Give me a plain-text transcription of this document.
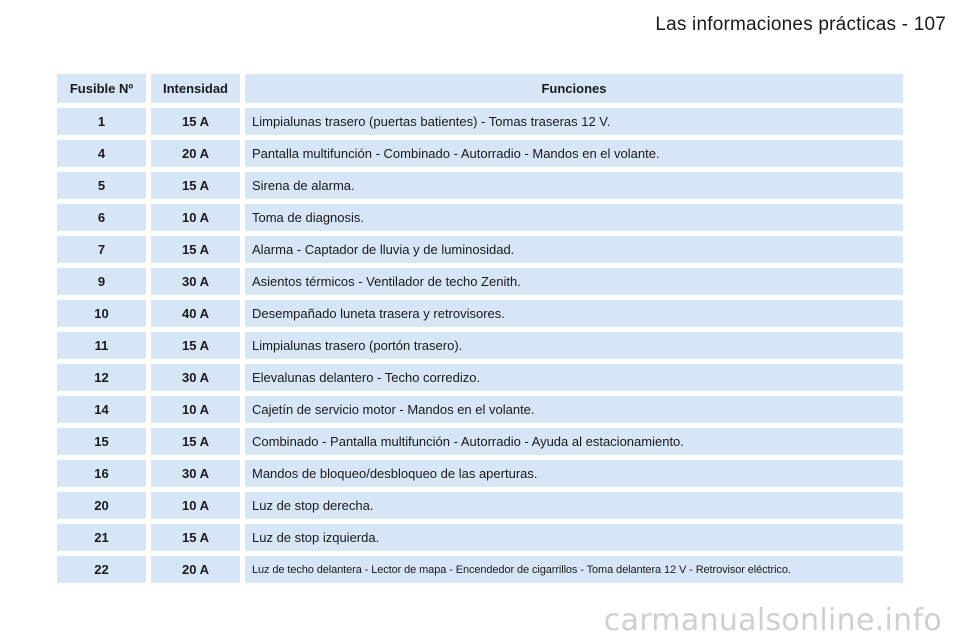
Las informaciones prácticas - 107
Fusible Nº		Intensidad		Funciones
1		15 A		Limpialunas trasero (puertas batientes) - Tomas traseras 12 V.
4		20 A		Pantalla multifunción - Combinado - Autorradio - Mandos en el volante.
5		15 A		Sirena de alarma.
6		10 A		Toma de diagnosis.
7		15 A		Alarma - Captador de lluvia y de luminosidad.
9		30 A		Asientos térmicos - Ventilador de techo Zenith.
10		40 A		Desempañado luneta trasera y retrovisores.
11		15 A		Limpialunas trasero (portón trasero).
12		30 A		Elevalunas delantero - Techo corredizo.
14		10 A		Cajetín de servicio motor - Mandos en el volante.
15		15 A		Combinado - Pantalla multifunción - Autorradio - Ayuda al estacionamiento.
16		30 A		Mandos de bloqueo/desbloqueo de las aperturas.
20		10 A		Luz de stop derecha.
21		15 A		Luz de stop izquierda.
22		20 A		Luz de techo delantera - Lector de mapa - Encendedor de cigarrillos - Toma delantera 12 V - Retrovisor eléctrico.
carmanualsonline.info
